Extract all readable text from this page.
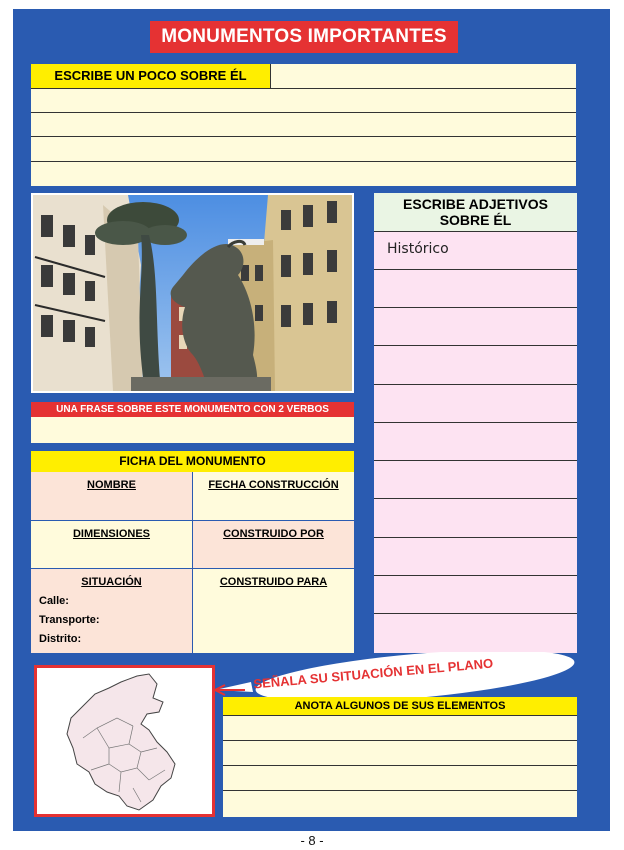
MONUMENTOS IMPORTANTES
ESCRIBE UN POCO SOBRE ÉL
UNA FRASE SOBRE ESTE MONUMENTO CON 2 VERBOS
FICHA DEL MONUMENTO
NOMBRE	FECHA CONSTRUCCIÓN
DIMENSIONES	CONSTRUIDO POR
SITUACIÓN
Calle:
Transporte:
Distrito:
CONSTRUIDO PARA
ESCRIBE ADJETIVOS
SOBRE ÉL
Histórico
SEÑALA SU SITUACIÓN EN EL PLANO
ANOTA ALGUNOS DE SUS ELEMENTOS
- 8 -
